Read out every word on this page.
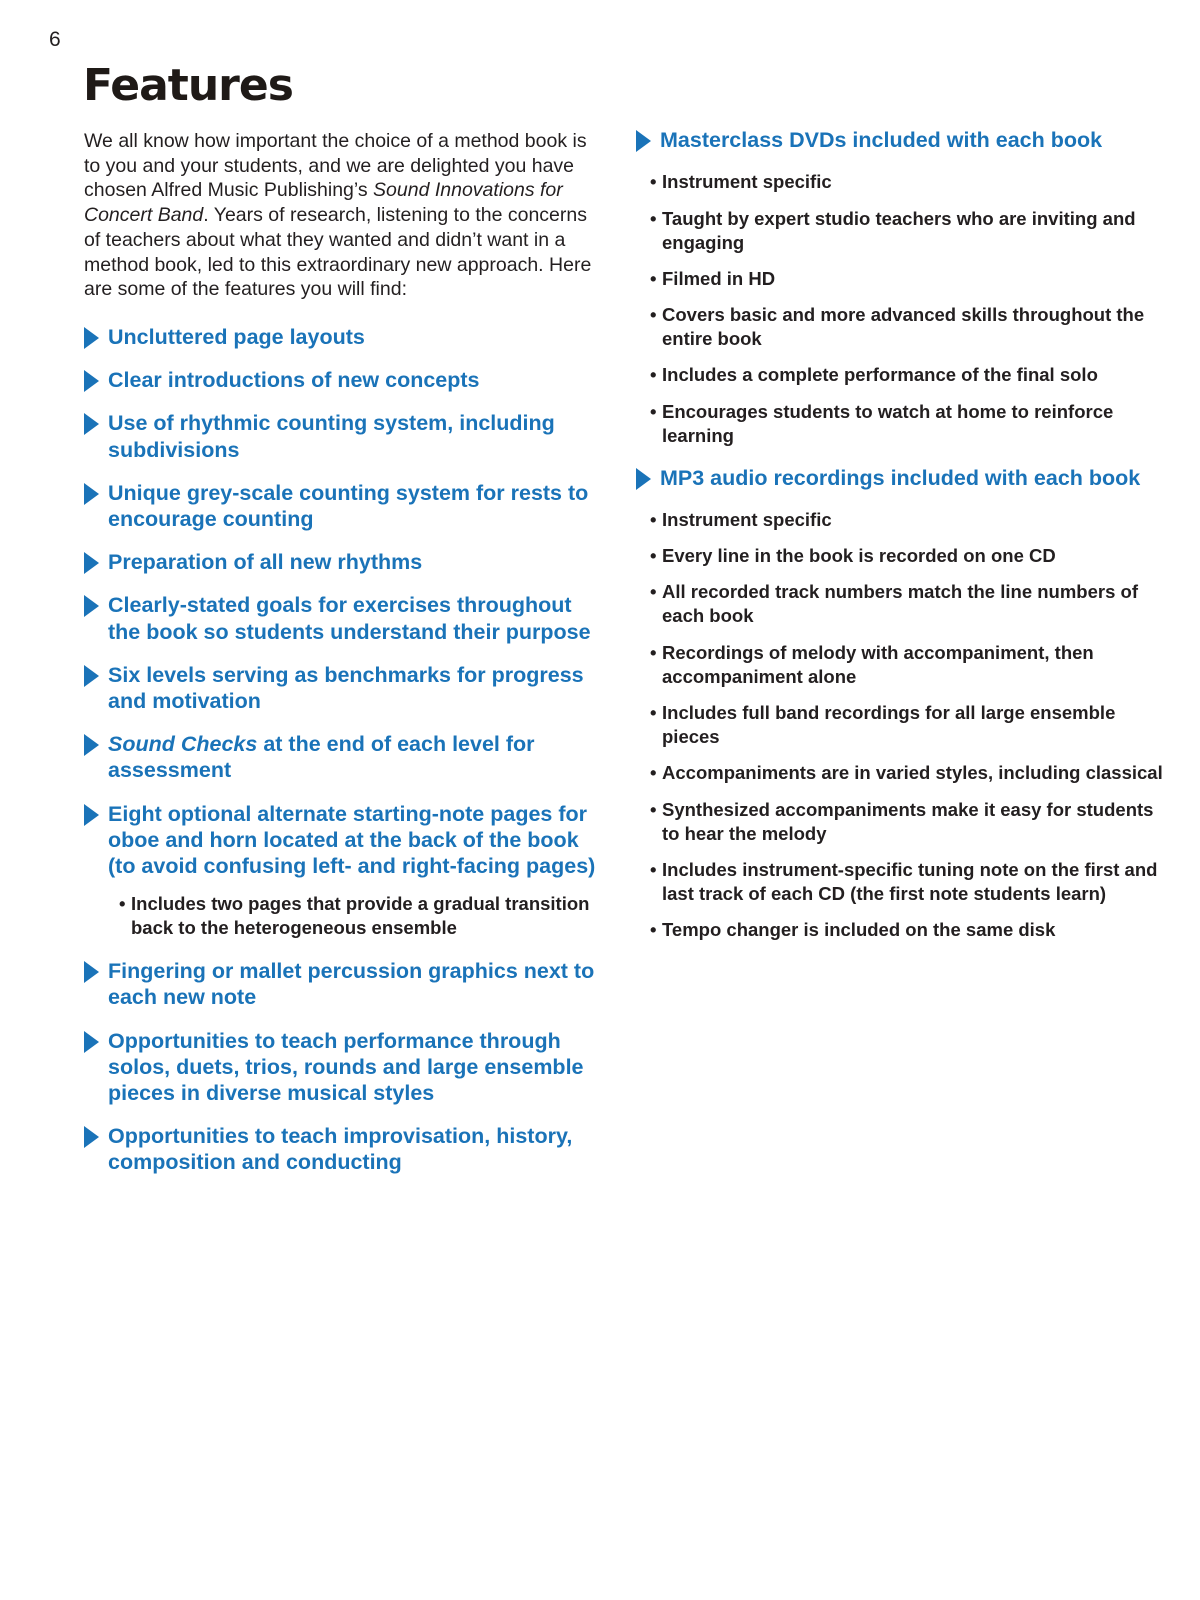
6
Features

We all know how important the choice of a method book is to you and your students, and we are delighted you have chosen Alfred Music Publishing’s Sound Innovations for Concert Band. Years of research, listening to the concerns of teachers about what they wanted and didn’t want in a method book, led to this extraordinary new approach. Here are some of the features you will find:

Uncluttered page layouts
Clear introductions of new concepts
Use of rhythmic counting system, including subdivisions
Unique grey-scale counting system for rests to encourage counting
Preparation of all new rhythms
Clearly-stated goals for exercises throughout the book so students understand their purpose
Six levels serving as benchmarks for progress and motivation
Sound Checks at the end of each level for assessment
Eight optional alternate starting-note pages for oboe and horn located at the back of the book (to avoid confusing left- and right-facing pages)
• Includes two pages that provide a gradual transition back to the heterogeneous ensemble
Fingering or mallet percussion graphics next to each new note
Opportunities to teach performance through solos, duets, trios, rounds and large ensemble pieces in diverse musical styles
Opportunities to teach improvisation, history, composition and conducting
Masterclass DVDs included with each book
• Instrument specific
• Taught by expert studio teachers who are inviting and engaging
• Filmed in HD
• Covers basic and more advanced skills throughout the entire book
• Includes a complete performance of the final solo
• Encourages students to watch at home to reinforce learning
MP3 audio recordings included with each book
• Instrument specific
• Every line in the book is recorded on one CD
• All recorded track numbers match the line numbers of each book
• Recordings of melody with accompaniment, then accompaniment alone
• Includes full band recordings for all large ensemble pieces
• Accompaniments are in varied styles, including classical
• Synthesized accompaniments make it easy for students to hear the melody
• Includes instrument-specific tuning note on the first and last track of each CD (the first note students learn)
• Tempo changer is included on the same disk
